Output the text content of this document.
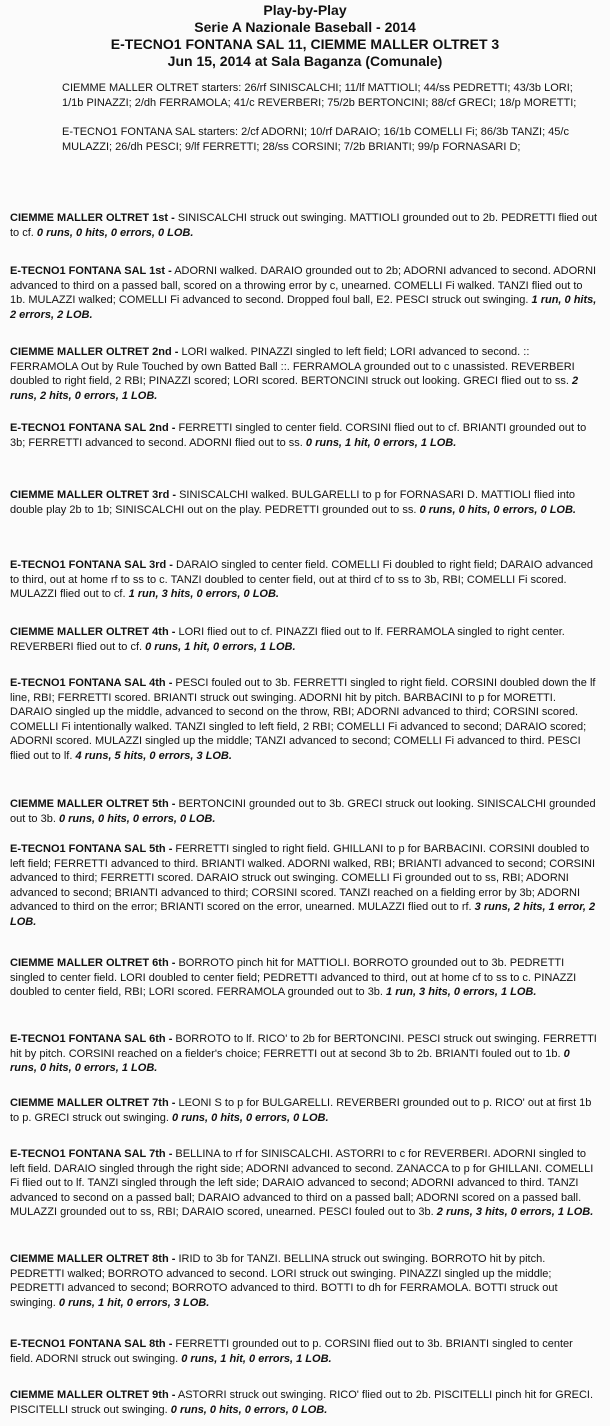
Play-by-Play
Serie A Nazionale Baseball - 2014
E-TECNO1 FONTANA SAL 11, CIEMME MALLER OLTRET 3
Jun 15, 2014 at Sala Baganza (Comunale)

CIEMME MALLER OLTRET starters: 26/rf SINISCALCHI; 11/lf MATTIOLI; 44/ss PEDRETTI; 43/3b LORI; 1/1b PINAZZI; 2/dh FERRAMOLA; 41/c REVERBERI; 75/2b BERTONCINI; 88/cf GRECI; 18/p MORETTI;

E-TECNO1 FONTANA SAL starters: 2/cf ADORNI; 10/rf DARAIO; 16/1b COMELLI Fi; 86/3b TANZI; 45/c MULAZZI; 26/dh PESCI; 9/lf FERRETTI; 28/ss CORSINI; 7/2b BRIANTI; 99/p FORNASARI D;

CIEMME MALLER OLTRET 1st - SINISCALCHI struck out swinging. MATTIOLI grounded out to 2b. PEDRETTI flied out to cf. 0 runs, 0 hits, 0 errors, 0 LOB.

E-TECNO1 FONTANA SAL 1st - ADORNI walked. DARAIO grounded out to 2b; ADORNI advanced to second. ADORNI advanced to third on a passed ball, scored on a throwing error by c, unearned. COMELLI Fi walked. TANZI flied out to 1b. MULAZZI walked; COMELLI Fi advanced to second. Dropped foul ball, E2. PESCI struck out swinging. 1 run, 0 hits, 2 errors, 2 LOB.

CIEMME MALLER OLTRET 2nd - LORI walked. PINAZZI singled to left field; LORI advanced to second. :: FERRAMOLA Out by Rule Touched by own Batted Ball ::. FERRAMOLA grounded out to c unassisted. REVERBERI doubled to right field, 2 RBI; PINAZZI scored; LORI scored. BERTONCINI struck out looking. GRECI flied out to ss. 2 runs, 2 hits, 0 errors, 1 LOB.

E-TECNO1 FONTANA SAL 2nd - FERRETTI singled to center field. CORSINI flied out to cf. BRIANTI grounded out to 3b; FERRETTI advanced to second. ADORNI flied out to ss. 0 runs, 1 hit, 0 errors, 1 LOB.

CIEMME MALLER OLTRET 3rd - SINISCALCHI walked. BULGARELLI to p for FORNASARI D. MATTIOLI flied into double play 2b to 1b; SINISCALCHI out on the play. PEDRETTI grounded out to ss. 0 runs, 0 hits, 0 errors, 0 LOB.

E-TECNO1 FONTANA SAL 3rd - DARAIO singled to center field. COMELLI Fi doubled to right field; DARAIO advanced to third, out at home rf to ss to c. TANZI doubled to center field, out at third cf to ss to 3b, RBI; COMELLI Fi scored. MULAZZI flied out to cf. 1 run, 3 hits, 0 errors, 0 LOB.

CIEMME MALLER OLTRET 4th - LORI flied out to cf. PINAZZI flied out to lf. FERRAMOLA singled to right center. REVERBERI flied out to cf. 0 runs, 1 hit, 0 errors, 1 LOB.

E-TECNO1 FONTANA SAL 4th - PESCI fouled out to 3b. FERRETTI singled to right field. CORSINI doubled down the lf line, RBI; FERRETTI scored. BRIANTI struck out swinging. ADORNI hit by pitch. BARBACINI to p for MORETTI. DARAIO singled up the middle, advanced to second on the throw, RBI; ADORNI advanced to third; CORSINI scored. COMELLI Fi intentionally walked. TANZI singled to left field, 2 RBI; COMELLI Fi advanced to second; DARAIO scored; ADORNI scored. MULAZZI singled up the middle; TANZI advanced to second; COMELLI Fi advanced to third. PESCI flied out to lf. 4 runs, 5 hits, 0 errors, 3 LOB.

CIEMME MALLER OLTRET 5th - BERTONCINI grounded out to 3b. GRECI struck out looking. SINISCALCHI grounded out to 3b. 0 runs, 0 hits, 0 errors, 0 LOB.

E-TECNO1 FONTANA SAL 5th - FERRETTI singled to right field. GHILLANI to p for BARBACINI. CORSINI doubled to left field; FERRETTI advanced to third. BRIANTI walked. ADORNI walked, RBI; BRIANTI advanced to second; CORSINI advanced to third; FERRETTI scored. DARAIO struck out swinging. COMELLI Fi grounded out to ss, RBI; ADORNI advanced to second; BRIANTI advanced to third; CORSINI scored. TANZI reached on a fielding error by 3b; ADORNI advanced to third on the error; BRIANTI scored on the error, unearned. MULAZZI flied out to rf. 3 runs, 2 hits, 1 error, 2 LOB.

CIEMME MALLER OLTRET 6th - BORROTO pinch hit for MATTIOLI. BORROTO grounded out to 3b. PEDRETTI singled to center field. LORI doubled to center field; PEDRETTI advanced to third, out at home cf to ss to c. PINAZZI doubled to center field, RBI; LORI scored. FERRAMOLA grounded out to 3b. 1 run, 3 hits, 0 errors, 1 LOB.

E-TECNO1 FONTANA SAL 6th - BORROTO to lf. RICO' to 2b for BERTONCINI. PESCI struck out swinging. FERRETTI hit by pitch. CORSINI reached on a fielder's choice; FERRETTI out at second 3b to 2b. BRIANTI fouled out to 1b. 0 runs, 0 hits, 0 errors, 1 LOB.

CIEMME MALLER OLTRET 7th - LEONI S to p for BULGARELLI. REVERBERI grounded out to p. RICO' out at first 1b to p. GRECI struck out swinging. 0 runs, 0 hits, 0 errors, 0 LOB.

E-TECNO1 FONTANA SAL 7th - BELLINA to rf for SINISCALCHI. ASTORRI to c for REVERBERI. ADORNI singled to left field. DARAIO singled through the right side; ADORNI advanced to second. ZANACCA to p for GHILLANI. COMELLI Fi flied out to lf. TANZI singled through the left side; DARAIO advanced to second; ADORNI advanced to third. TANZI advanced to second on a passed ball; DARAIO advanced to third on a passed ball; ADORNI scored on a passed ball. MULAZZI grounded out to ss, RBI; DARAIO scored, unearned. PESCI fouled out to 3b. 2 runs, 3 hits, 0 errors, 1 LOB.

CIEMME MALLER OLTRET 8th - IRID to 3b for TANZI. BELLINA struck out swinging. BORROTO hit by pitch. PEDRETTI walked; BORROTO advanced to second. LORI struck out swinging. PINAZZI singled up the middle; PEDRETTI advanced to second; BORROTO advanced to third. BOTTI to dh for FERRAMOLA. BOTTI struck out swinging. 0 runs, 1 hit, 0 errors, 3 LOB.

E-TECNO1 FONTANA SAL 8th - FERRETTI grounded out to p. CORSINI flied out to 3b. BRIANTI singled to center field. ADORNI struck out swinging. 0 runs, 1 hit, 0 errors, 1 LOB.

CIEMME MALLER OLTRET 9th - ASTORRI struck out swinging. RICO' flied out to 2b. PISCITELLI pinch hit for GRECI. PISCITELLI struck out swinging. 0 runs, 0 hits, 0 errors, 0 LOB.
